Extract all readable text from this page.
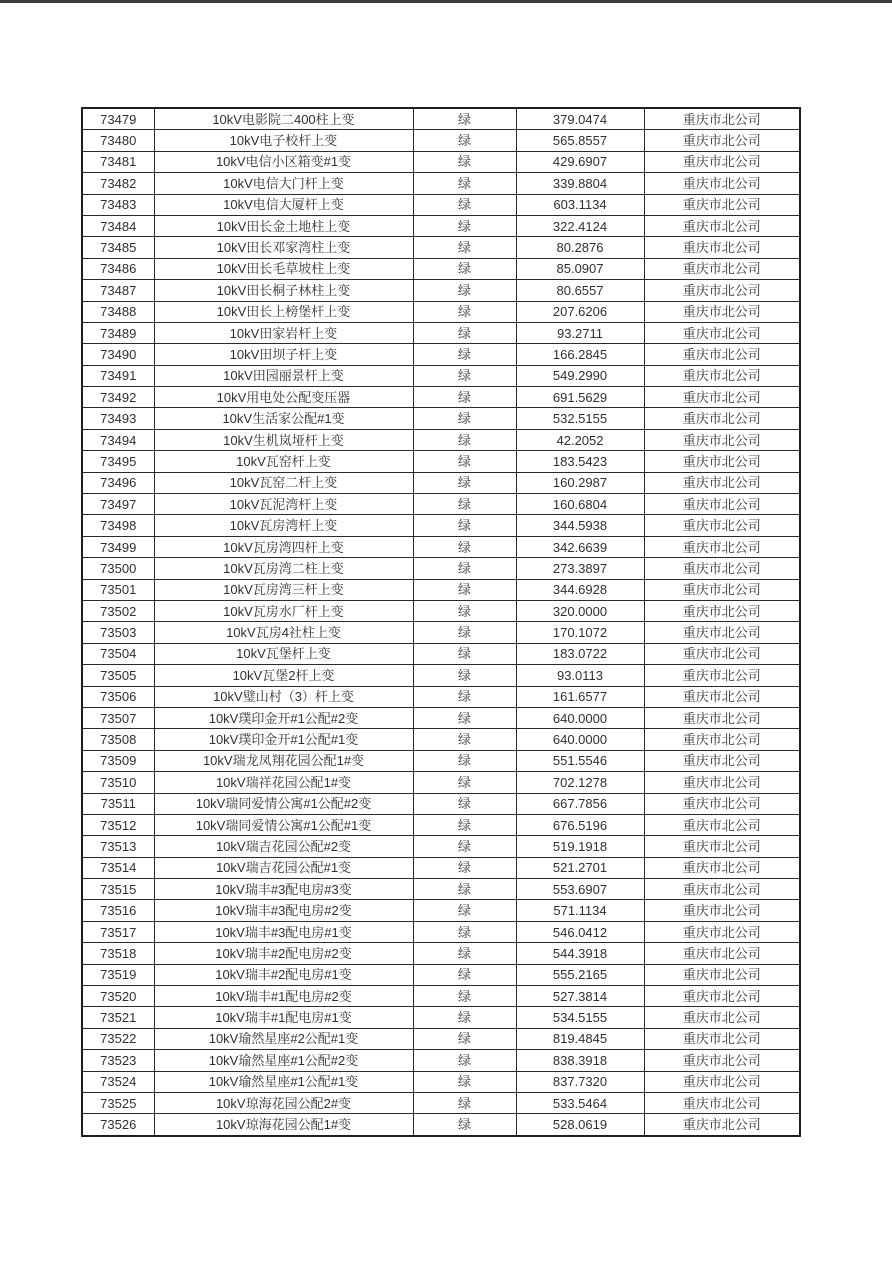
73479	10kV电影院二400柱上变	绿	379.0474	重庆市北公司
73480	10kV电子校杆上变	绿	565.8557	重庆市北公司
73481	10kV电信小区箱变#1变	绿	429.6907	重庆市北公司
73482	10kV电信大门杆上变	绿	339.8804	重庆市北公司
73483	10kV电信大厦杆上变	绿	603.1134	重庆市北公司
73484	10kV田长金土地柱上变	绿	322.4124	重庆市北公司
73485	10kV田长邓家湾柱上变	绿	80.2876	重庆市北公司
73486	10kV田长毛草坡柱上变	绿	85.0907	重庆市北公司
73487	10kV田长桐子林柱上变	绿	80.6557	重庆市北公司
73488	10kV田长上榜堡杆上变	绿	207.6206	重庆市北公司
73489	10kV田家岩杆上变	绿	93.2711	重庆市北公司
73490	10kV田坝子杆上变	绿	166.2845	重庆市北公司
73491	10kV田园丽景杆上变	绿	549.2990	重庆市北公司
73492	10kV用电处公配变压器	绿	691.5629	重庆市北公司
73493	10kV生活家公配#1变	绿	532.5155	重庆市北公司
73494	10kV生机岚垭杆上变	绿	42.2052	重庆市北公司
73495	10kV瓦窑杆上变	绿	183.5423	重庆市北公司
73496	10kV瓦窑二杆上变	绿	160.2987	重庆市北公司
73497	10kV瓦泥湾杆上变	绿	160.6804	重庆市北公司
73498	10kV瓦房湾杆上变	绿	344.5938	重庆市北公司
73499	10kV瓦房湾四杆上变	绿	342.6639	重庆市北公司
73500	10kV瓦房湾二柱上变	绿	273.3897	重庆市北公司
73501	10kV瓦房湾三杆上变	绿	344.6928	重庆市北公司
73502	10kV瓦房水厂杆上变	绿	320.0000	重庆市北公司
73503	10kV瓦房4社柱上变	绿	170.1072	重庆市北公司
73504	10kV瓦堡杆上变	绿	183.0722	重庆市北公司
73505	10kV瓦堡2杆上变	绿	93.0113	重庆市北公司
73506	10kV璧山村（3）杆上变	绿	161.6577	重庆市北公司
73507	10kV璞印金开#1公配#2变	绿	640.0000	重庆市北公司
73508	10kV璞印金开#1公配#1变	绿	640.0000	重庆市北公司
73509	10kV瑞龙凤翔花园公配1#变	绿	551.5546	重庆市北公司
73510	10kV瑞祥花园公配1#变	绿	702.1278	重庆市北公司
73511	10kV瑞同爱情公寓#1公配#2变	绿	667.7856	重庆市北公司
73512	10kV瑞同爱情公寓#1公配#1变	绿	676.5196	重庆市北公司
73513	10kV瑞吉花园公配#2变	绿	519.1918	重庆市北公司
73514	10kV瑞吉花园公配#1变	绿	521.2701	重庆市北公司
73515	10kV瑞丰#3配电房#3变	绿	553.6907	重庆市北公司
73516	10kV瑞丰#3配电房#2变	绿	571.1134	重庆市北公司
73517	10kV瑞丰#3配电房#1变	绿	546.0412	重庆市北公司
73518	10kV瑞丰#2配电房#2变	绿	544.3918	重庆市北公司
73519	10kV瑞丰#2配电房#1变	绿	555.2165	重庆市北公司
73520	10kV瑞丰#1配电房#2变	绿	527.3814	重庆市北公司
73521	10kV瑞丰#1配电房#1变	绿	534.5155	重庆市北公司
73522	10kV瑜然星座#2公配#1变	绿	819.4845	重庆市北公司
73523	10kV瑜然星座#1公配#2变	绿	838.3918	重庆市北公司
73524	10kV瑜然星座#1公配#1变	绿	837.7320	重庆市北公司
73525	10kV琼海花园公配2#变	绿	533.5464	重庆市北公司
73526	10kV琼海花园公配1#变	绿	528.0619	重庆市北公司
